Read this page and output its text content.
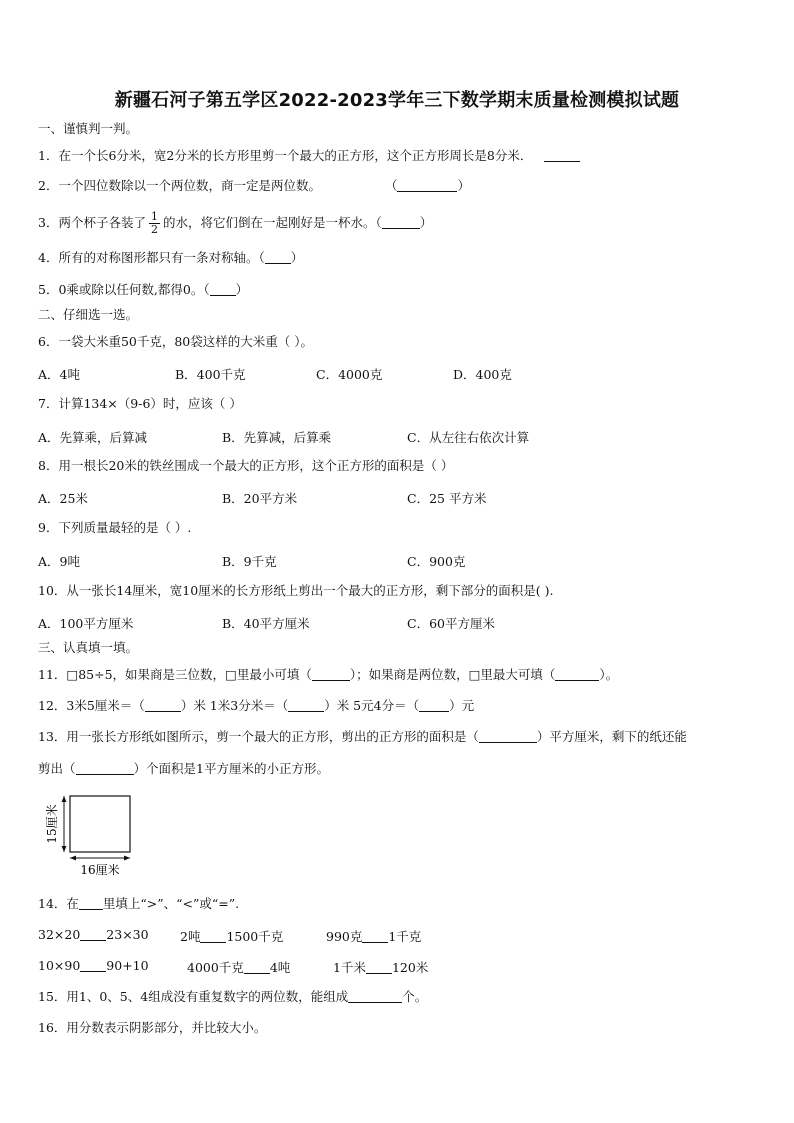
新疆石河子第五学区2022-2023学年三下数学期末质量检测模拟试题
一、谨慎判一判。
1．在一个长6分米，宽2分米的长方形里剪一个最大的正方形，这个正方形周长是8分米．
2．一个四位数除以一个两位数，商一定是两位数。	（	）
3．两个杯子各装了 $\frac{1}{2}$ 的水，将它们倒在一起刚好是一杯水。（	）
4．所有的对称图形都只有一条对称轴。（ ）
5．0乘或除以任何数,都得0。（ ）
二、仔细选一选。
6．一袋大米重50千克，80袋这样的大米重（ ）。
A．4吨	B．400千克	C．4000克	D．400克
7．计算134×（9-6）时，应该（ ）
A．先算乘，后算减	B．先算减，后算乘	C．从左往右依次计算
8．用一根长20米的铁丝围成一个最大的正方形，这个正方形的面积是（ ）
A．25米	B．20平方米	C．25 平方米
9．下列质量最轻的是（ ）.
A．9吨	B．9千克	C．900克
10．从一张长14厘米，宽10厘米的长方形纸上剪出一个最大的正方形，剩下部分的面积是( ).
A．100平方厘米	B．40平方厘米	C．60平方厘米
三、认真填一填。
11．□85÷5，如果商是三位数，□里最小可填（	）；如果商是两位数，□里最大可填（	）。
12．3米5厘米＝（	）米 1米3分米＝（	）米 5元4分＝（ ）元
13．用一张长方形纸如图所示，剪一个最大的正方形，剪出的正方形的面积是（	）平方厘米，剩下的纸还能
剪出（	）个面积是1平方厘米的小正方形。
15厘米
16厘米
14．在 里填上“>”、“<”或“=”.
32×20 23×30	2吨 1500千克	990克 1千克
10×90 90+10	4000千克 4吨	1千米 120米
15．用1、0、5、4组成没有重复数字的两位数，能组成	个。
16．用分数表示阴影部分，并比较大小。
